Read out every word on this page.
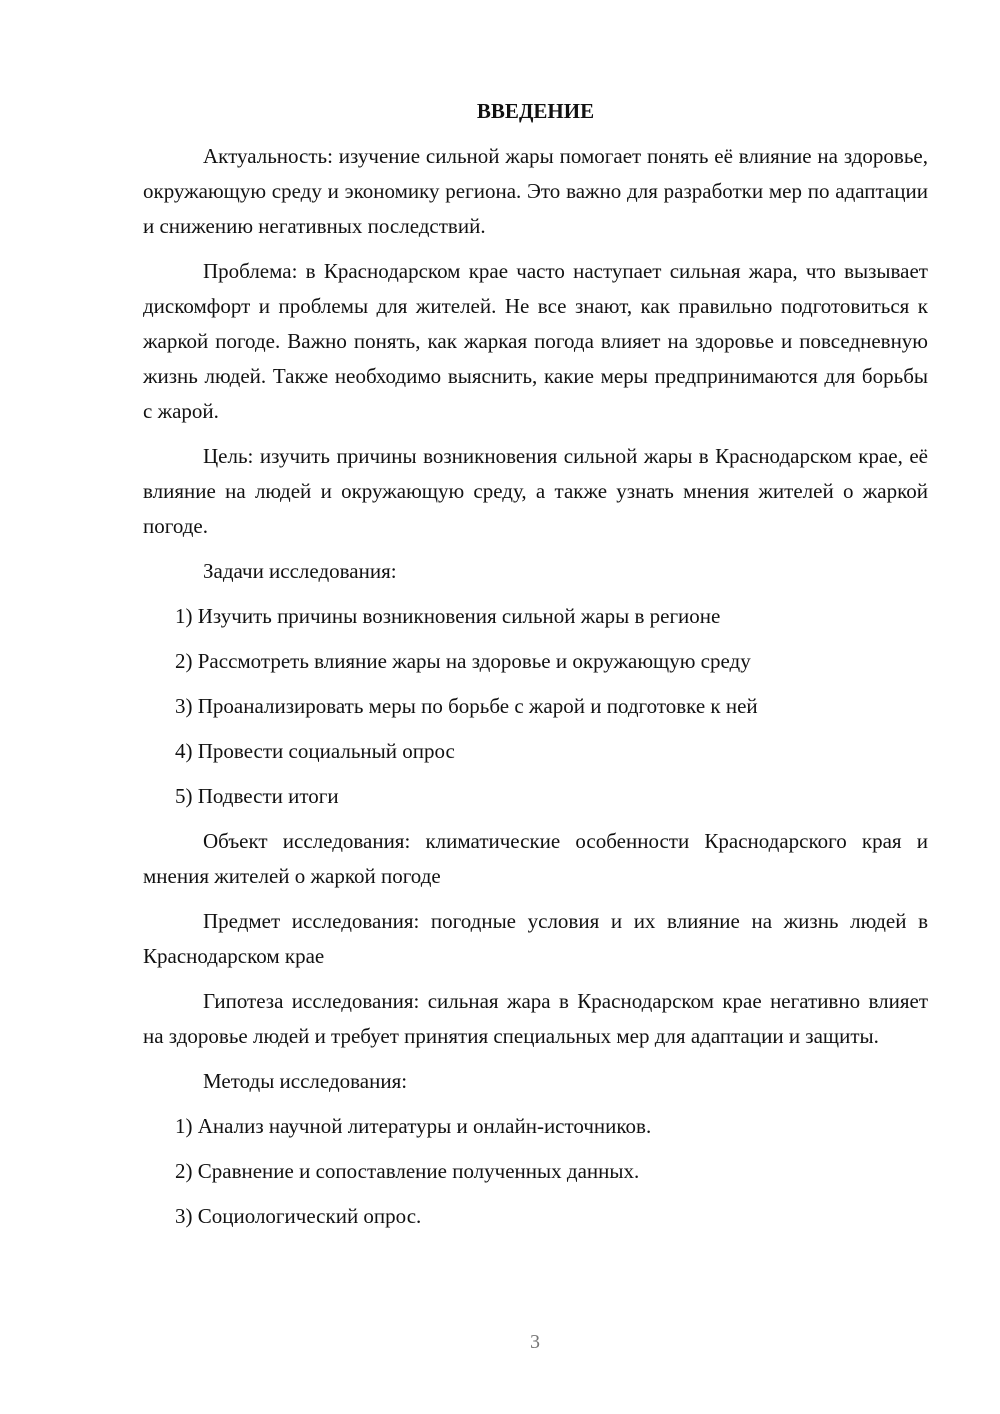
ВВЕДЕНИЕ

Актуальность: изучение сильной жары помогает понять её влияние на здоровье, окружающую среду и экономику региона. Это важно для разработки мер по адаптации и снижению негативных последствий.

Проблема: в Краснодарском крае часто наступает сильная жара, что вызывает дискомфорт и проблемы для жителей. Не все знают, как правильно подготовиться к жаркой погоде. Важно понять, как жаркая погода влияет на здоровье и повседневную жизнь людей. Также необходимо выяснить, какие меры предпринимаются для борьбы с жарой.

Цель: изучить причины возникновения сильной жары в Краснодарском крае, её влияние на людей и окружающую среду, а также узнать мнения жителей о жаркой погоде.

Задачи исследования:

1) Изучить причины возникновения сильной жары в регионе

2) Рассмотреть влияние жары на здоровье и окружающую среду

3) Проанализировать меры по борьбе с жарой и подготовке к ней

4) Провести социальный опрос

5) Подвести итоги

Объект исследования: климатические особенности Краснодарского края и мнения жителей о жаркой погоде

Предмет исследования: погодные условия и их влияние на жизнь людей в Краснодарском крае

Гипотеза исследования: сильная жара в Краснодарском крае негативно влияет на здоровье людей и требует принятия специальных мер для адаптации и защиты.

Методы исследования:

1) Анализ научной литературы и онлайн-источников.

2) Сравнение и сопоставление полученных данных.

3) Социологический опрос.

3
